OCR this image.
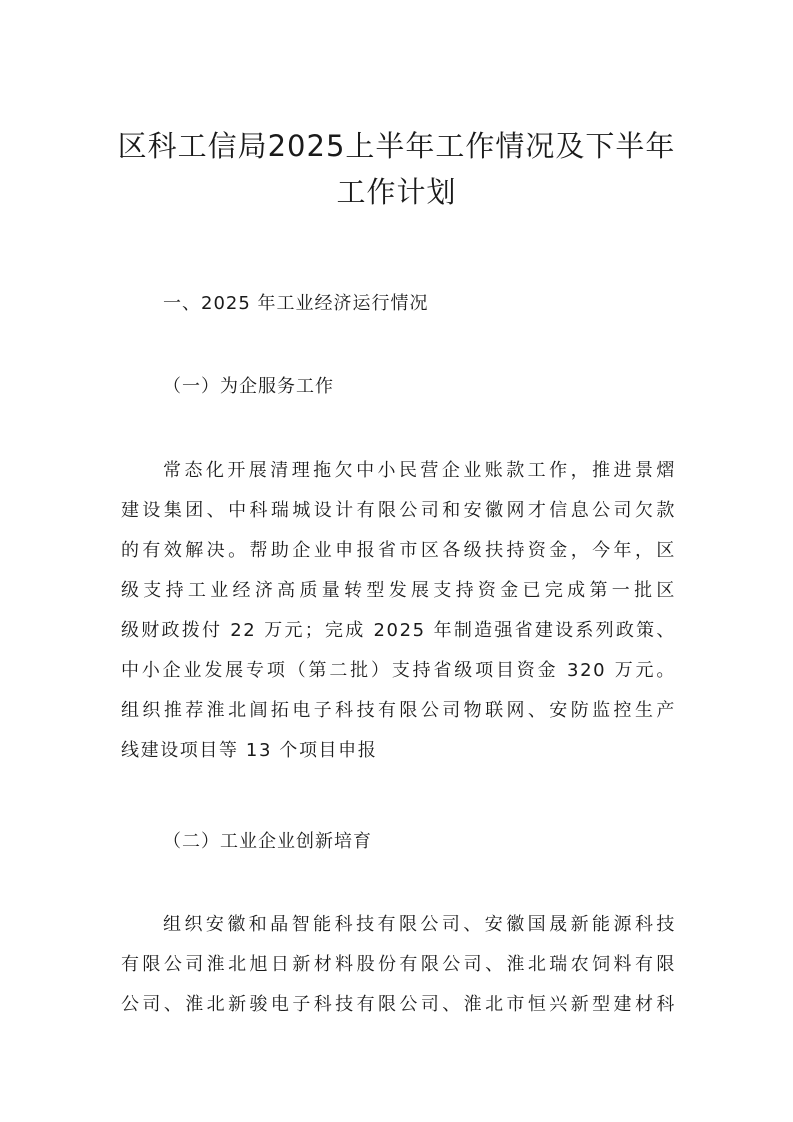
区科工信局2025上半年工作情况及下半年
工作计划
一、2025 年工业经济运行情况
（一）为企服务工作
常态化开展清理拖欠中小民营企业账款工作，推进景熠
建设集团、中科瑞城设计有限公司和安徽网才信息公司欠款
的有效解决。帮助企业申报省市区各级扶持资金，今年，区
级支持工业经济高质量转型发展支持资金已完成第一批区
级财政拨付 22 万元；完成 2025 年制造强省建设系列政策、
中小企业发展专项（第二批）支持省级项目资金 320 万元。
组织推荐淮北阊拓电子科技有限公司物联网、安防监控生产
线建设项目等 13 个项目申报
（二）工业企业创新培育
组织安徽和晶智能科技有限公司、安徽国晟新能源科技
有限公司淮北旭日新材料股份有限公司、淮北瑞农饲料有限
公司、淮北新骏电子科技有限公司、淮北市恒兴新型建材科
